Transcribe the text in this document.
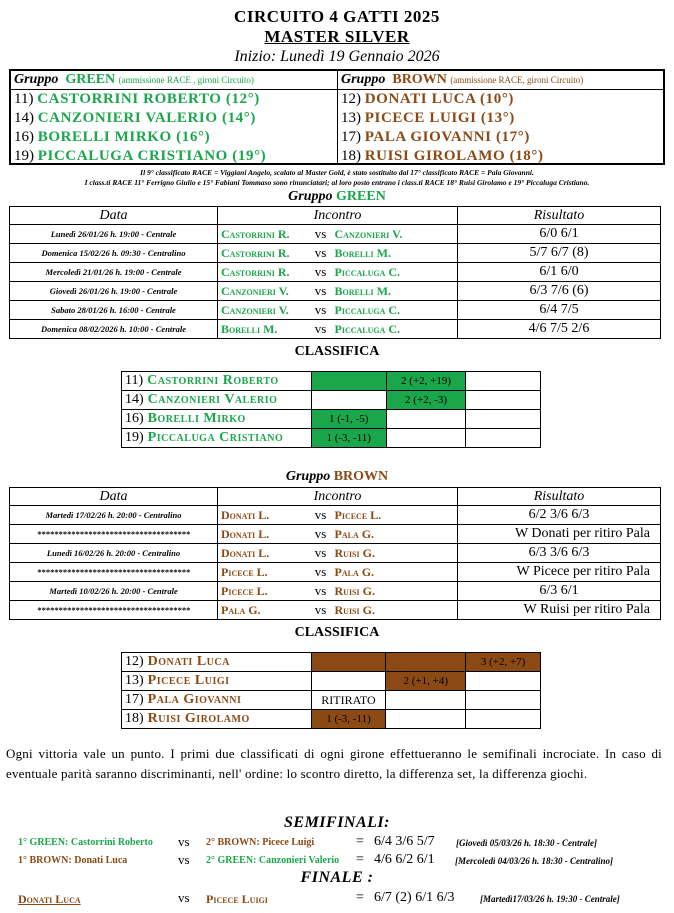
CIRCUITO 4 GATTI 2025
MASTER SILVER
Inizio: Lunedì 19 Gennaio 2026
Gruppo GREEN (ammissione RACE , gironi Circuito)
11) CASTORRINI ROBERTO (12°)
14) CANZONIERI VALERIO (14°)
16) BORELLI MIRKO (16°)
19) PICCALUGA CRISTIANO (19°)
Gruppo BROWN (ammissione RACE, gironi Circuito)
12) DONATI LUCA (10°)
13) PICECE LUIGI (13°)
17) PALA GIOVANNI (17°)
18) RUISI GIROLAMO (18°)
Il 9° classificato RACE = Viggiani Angelo, scalato al Master Gold, è stato sostituito dal 17° classificato RACE = Pala Giovanni.
I class.ti RACE 11° Ferrigno Giulio e 15° Fabiani Tommaso sono rinunciatari; al loro posto entrano i class.ti RACE 18° Ruisi Girolamo e 19° Piccaluga Cristiano.
Gruppo GREEN
Data	Incontro			Risultato
Lunedì 26/01/26 h. 19:00 - Centrale	Castorrini R.	vs	Canzonieri V.	6/0 6/1
Domenica 15/02/26 h. 09:30 - Centralino	Castorrini R.	vs	Borelli M.	5/7 6/7 (8)
Mercoledì 21/01/26 h. 19:00 - Centrale	Castorrini R.	vs	Piccaluga C.	6/1 6/0
Giovedì 26/01/26 h. 19:00 - Centrale	Canzonieri V.	vs	Borelli M.	6/3 7/6 (6)
Sabato 28/01/26 h. 16:00 - Centrale	Canzonieri V.	vs	Piccaluga C.	6/4 7/5
Domenica 08/02/2026 h. 10:00 - Centrale	Borelli M.	vs	Piccaluga C.	4/6 7/5 2/6
CLASSIFICA
11) Castorrini Roberto		2 (+2, +19)	
14) Canzonieri Valerio		2 (+2, -3)	
16) Borelli Mirko	1 (-1, -5)		
19) Piccaluga Cristiano	1 (-3, -11)		
Gruppo BROWN
Data	Incontro			Risultato
Martedì 17/02/26 h. 20:00 - Centralino	Donati L.	vs	Picece L.	6/2 3/6 6/3
************************************	Donati L.	vs	Pala G.	W Donati per ritiro Pala
Lunedì 16/02/26 h. 20:00 - Centralino	Donati L.	vs	Ruisi G.	6/3 3/6 6/3
************************************	Picece L.	vs	Pala G.	W Picece per ritiro Pala
Martedì 10/02/26 h. 20:00 - Centrale	Picece L.	vs	Ruisi G.	6/3 6/1
************************************	Pala G.	vs	Ruisi G.	W Ruisi per ritiro Pala
CLASSIFICA
12) Donati Luca			3 (+2, +7)
13) Picece Luigi		2 (+1, +4)	
17) Pala Giovanni	RITIRATO		
18) Ruisi Girolamo	1 (-3, -11)		
Ogni vittoria vale un punto. I primi due classificati di ogni girone effettueranno le semifinali incrociate. In caso di eventuale parità saranno discriminanti, nell' ordine: lo scontro diretto, la differenza set, la differenza giochi.
SEMIFINALI:
1° GREEN: Castorrini Roberto vs 2° BROWN: Picece Luigi	= 6/4 3/6 5/7 [Giovedì 05/03/26 h. 18:30 - Centrale]
1° BROWN: Donati Luca	vs 2° GREEN: Canzonieri Valerio = 4/6 6/2 6/1 [Mercoledì 04/03/26 h. 18:30 - Centralino]
FINALE :
Donati Luca	vs Picece Luigi	= 6/7 (2) 6/1 6/3	[Martedì17/03/26 h. 19:30 - Centrale]
